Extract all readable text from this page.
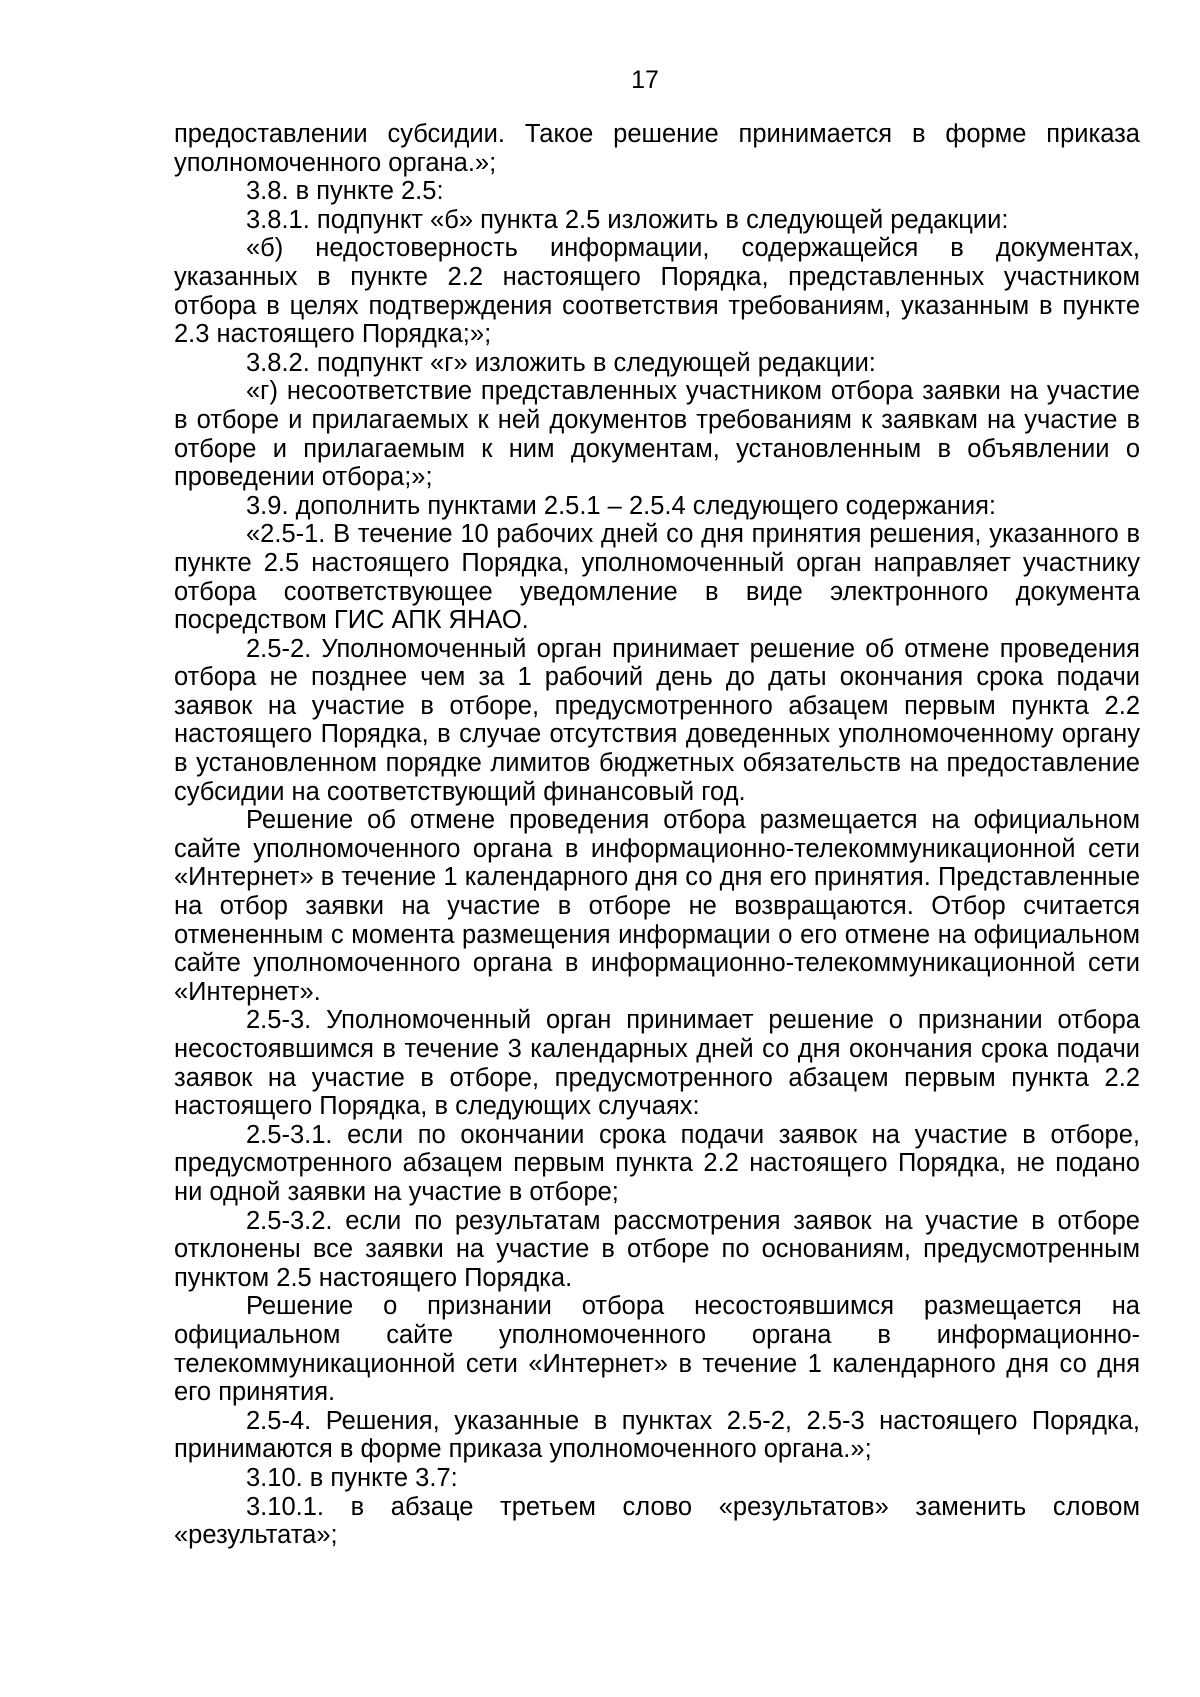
17

предоставлении субсидии. Такое решение принимается в форме приказа уполномоченного органа.»;

3.8. в пункте 2.5:

3.8.1. подпункт «б» пункта 2.5 изложить в следующей редакции:

«б) недостоверность информации, содержащейся в документах, указанных в пункте 2.2 настоящего Порядка, представленных участником отбора в целях подтверждения соответствия требованиям, указанным в пункте 2.3 настоящего Порядка;»;

3.8.2. подпункт «г» изложить в следующей редакции:

«г) несоответствие представленных участником отбора заявки на участие в отборе и прилагаемых к ней документов требованиям к заявкам на участие в отборе и прилагаемым к ним документам, установленным в объявлении о проведении отбора;»;

3.9. дополнить пунктами 2.5.1 – 2.5.4 следующего содержания:

«2.5-1. В течение 10 рабочих дней со дня принятия решения, указанного в пункте 2.5 настоящего Порядка, уполномоченный орган направляет участнику отбора соответствующее уведомление в виде электронного документа посредством ГИС АПК ЯНАО.

2.5-2. Уполномоченный орган принимает решение об отмене проведения отбора не позднее чем за 1 рабочий день до даты окончания срока подачи заявок на участие в отборе, предусмотренного абзацем первым пункта 2.2 настоящего Порядка, в случае отсутствия доведенных уполномоченному органу в установленном порядке лимитов бюджетных обязательств на предоставление субсидии на соответствующий финансовый год.

Решение об отмене проведения отбора размещается на официальном сайте уполномоченного органа в информационно-телекоммуникационной сети «Интернет» в течение 1 календарного дня со дня его принятия. Представленные на отбор заявки на участие в отборе не возвращаются. Отбор считается отмененным с момента размещения информации о его отмене на официальном сайте уполномоченного органа в информационно-телекоммуникационной сети «Интернет».

2.5-3. Уполномоченный орган принимает решение о признании отбора несостоявшимся в течение 3 календарных дней со дня окончания срока подачи заявок на участие в отборе, предусмотренного абзацем первым пункта 2.2 настоящего Порядка, в следующих случаях:

2.5-3.1. если по окончании срока подачи заявок на участие в отборе, предусмотренного абзацем первым пункта 2.2 настоящего Порядка, не подано ни одной заявки на участие в отборе;

2.5-3.2. если по результатам рассмотрения заявок на участие в отборе отклонены все заявки на участие в отборе по основаниям, предусмотренным пунктом 2.5 настоящего Порядка.

Решение о признании отбора несостоявшимся размещается на официальном сайте уполномоченного органа в информационно-телекоммуникационной сети «Интернет» в течение 1 календарного дня со дня его принятия.

2.5-4. Решения, указанные в пунктах 2.5-2, 2.5-3 настоящего Порядка, принимаются в форме приказа уполномоченного органа.»;

3.10. в пункте 3.7:

3.10.1. в абзаце третьем слово «результатов» заменить словом «результата»;
